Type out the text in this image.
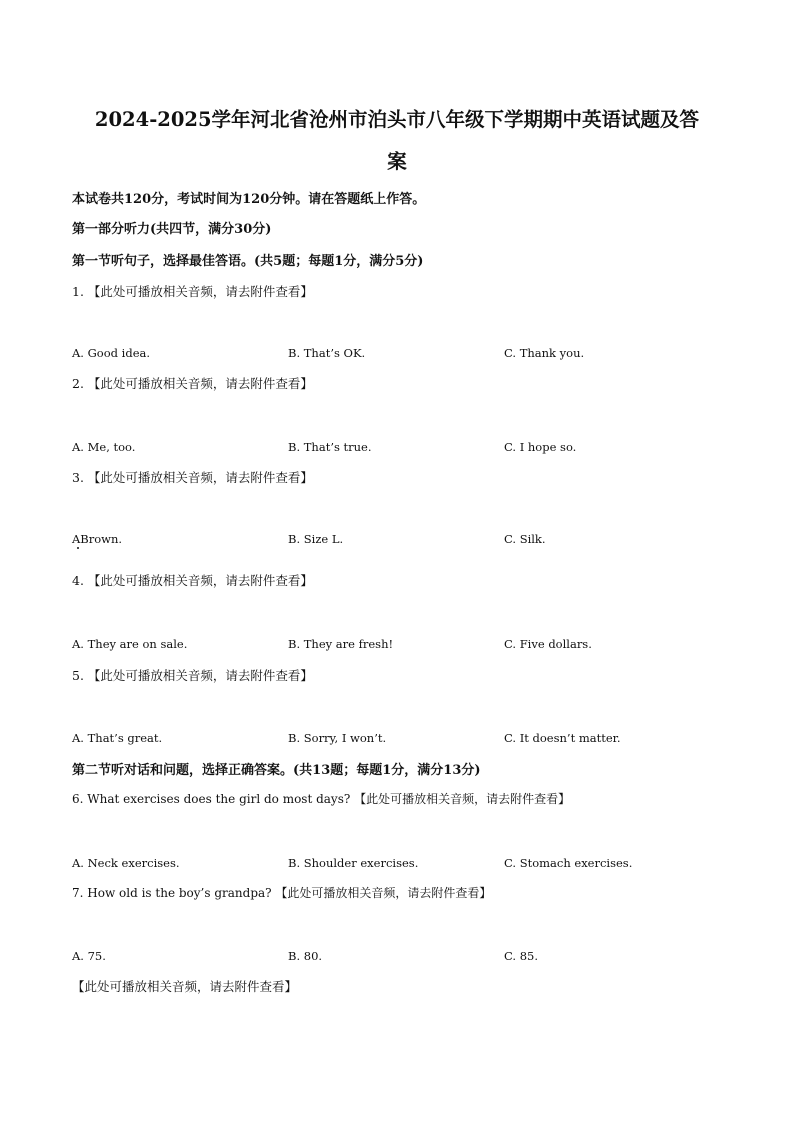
2024-2025学年河北省沧州市泊头市八年级下学期期中英语试题及答
案
本试卷共120分，考试时间为120分钟。请在答题纸上作答。
第一部分听力(共四节，满分30分)
第一节听句子，选择最佳答语。(共5题；每题1分，满分5分)
1. 【此处可播放相关音频，请去附件查看】
A. Good idea.	B. That’s OK.	C. Thank you.
2. 【此处可播放相关音频，请去附件查看】
A. Me, too.	B. That’s true.	C. I hope so.
3. 【此处可播放相关音频，请去附件查看】
ABrown.	B. Size L.	C. Silk.
4. 【此处可播放相关音频，请去附件查看】
A. They are on sale.	B. They are fresh!	C. Five dollars.
5. 【此处可播放相关音频，请去附件查看】
A. That’s great.	B. Sorry, I won’t.	C. It doesn’t matter.
第二节听对话和问题，选择正确答案。(共13题；每题1分，满分13分)
6. What exercises does the girl do most days? 【此处可播放相关音频，请去附件查看】
A. Neck exercises.	B. Shoulder exercises.	C. Stomach exercises.
7. How old is the boy’s grandpa? 【此处可播放相关音频，请去附件查看】
A. 75.	B. 80.	C. 85.
【此处可播放相关音频，请去附件查看】
